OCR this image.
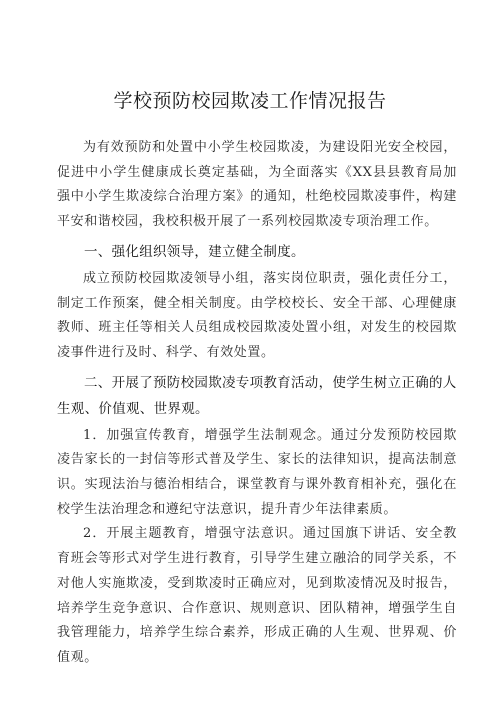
学校预防校园欺凌工作情况报告

为有效预防和处置中小学生校园欺凌，为建设阳光安全校园，促进中小学生健康成长奠定基础，为全面落实《XX县县教育局加强中小学生欺凌综合治理方案》的通知，杜绝校园欺凌事件，构建平安和谐校园，我校积极开展了一系列校园欺凌专项治理工作。

一、强化组织领导，建立健全制度。

成立预防校园欺凌领导小组，落实岗位职责，强化责任分工，制定工作预案，健全相关制度。由学校校长、安全干部、心理健康教师、班主任等相关人员组成校园欺凌处置小组，对发生的校园欺凌事件进行及时、科学、有效处置。

二、开展了预防校园欺凌专项教育活动，使学生树立正确的人生观、价值观、世界观。

1．加强宣传教育，增强学生法制观念。通过分发预防校园欺凌告家长的一封信等形式普及学生、家长的法律知识，提高法制意识。实现法治与德治相结合，课堂教育与课外教育相补充，强化在校学生法治理念和遵纪守法意识，提升青少年法律素质。

2．开展主题教育，增强守法意识。通过国旗下讲话、安全教育班会等形式对学生进行教育，引导学生建立融洽的同学关系，不对他人实施欺凌，受到欺凌时正确应对，见到欺凌情况及时报告，培养学生竞争意识、合作意识、规则意识、团队精神，增强学生自我管理能力，培养学生综合素养，形成正确的人生观、世界观、价值观。
